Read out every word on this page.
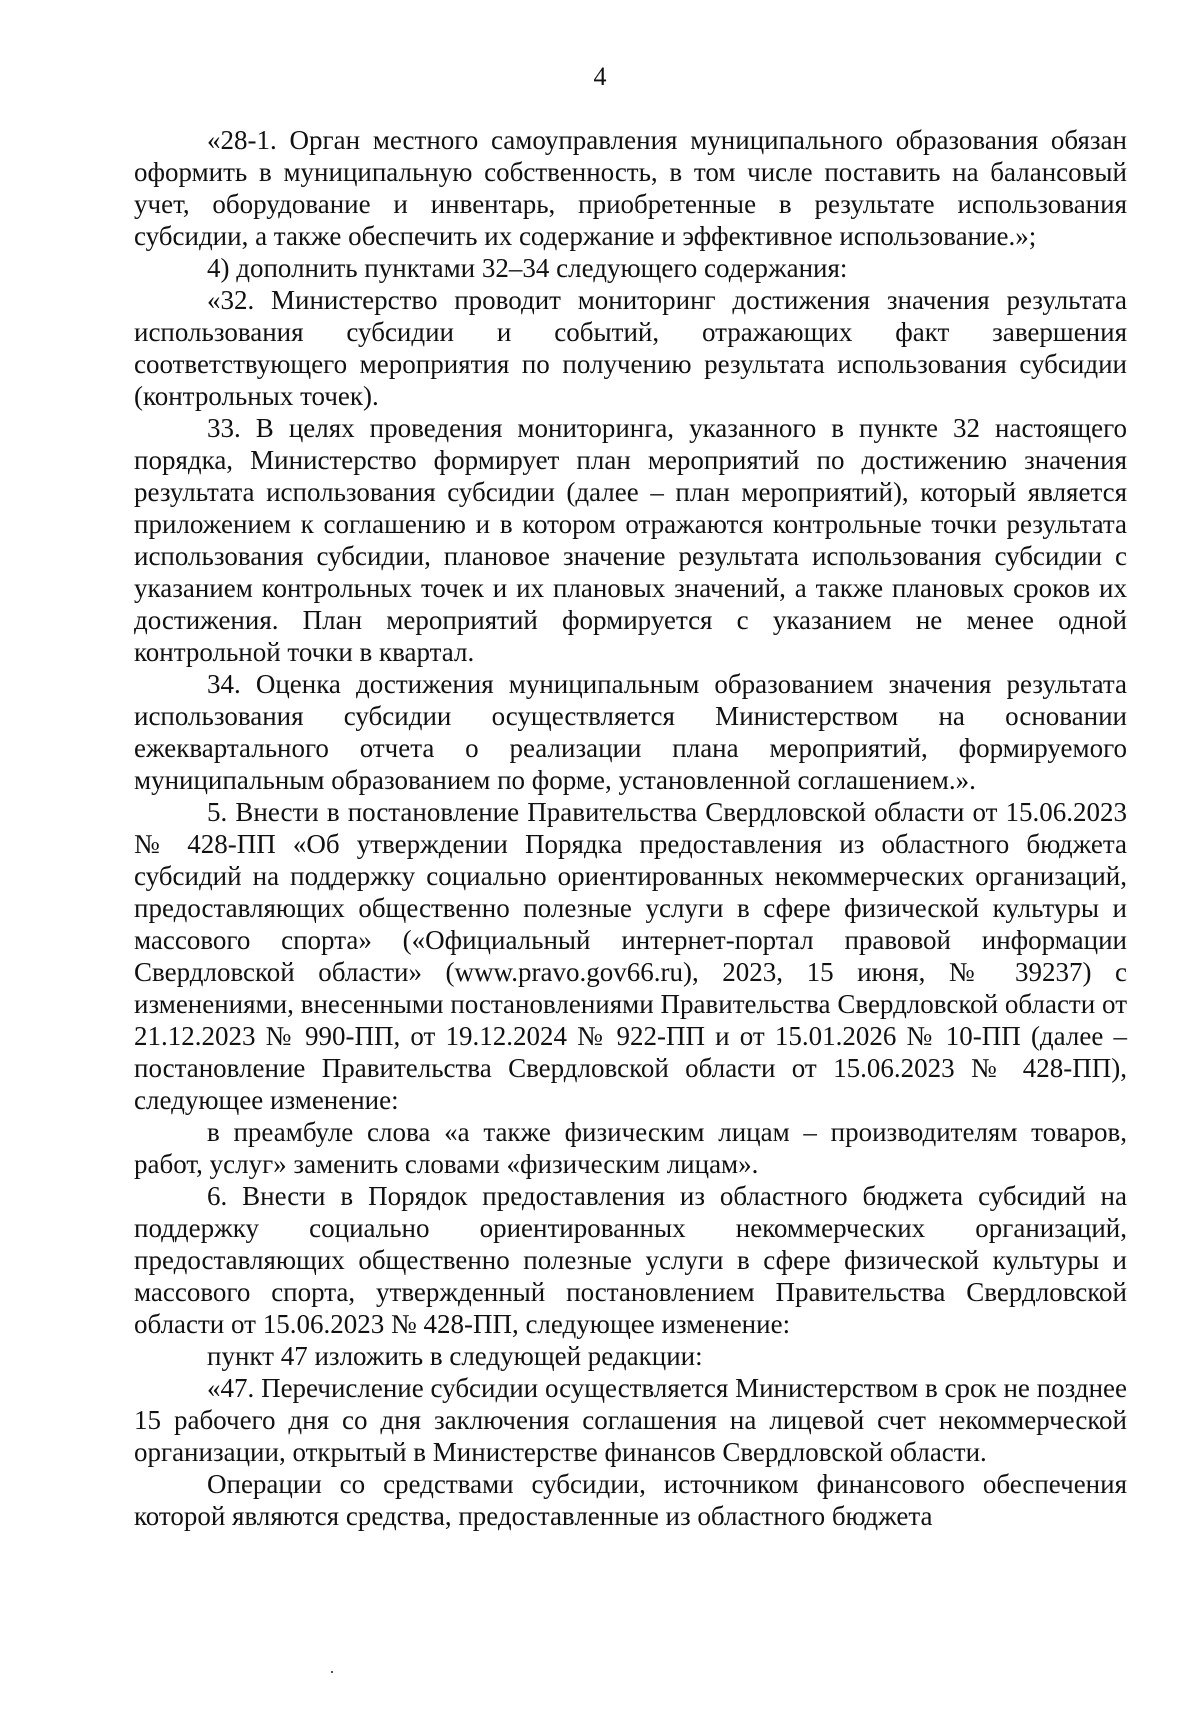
4

«28-1. Орган местного самоуправления муниципального образования обязан оформить в муниципальную собственность, в том числе поставить на балансовый учет, оборудование и инвентарь, приобретенные в результате использования субсидии, а также обеспечить их содержание и эффективное использование.»;

4) дополнить пунктами 32–34 следующего содержания:

«32. Министерство проводит мониторинг достижения значения результата использования субсидии и событий, отражающих факт завершения соответствующего мероприятия по получению результата использования субсидии (контрольных точек).

33. В целях проведения мониторинга, указанного в пункте 32 настоящего порядка, Министерство формирует план мероприятий по достижению значения результата использования субсидии (далее – план мероприятий), который является приложением к соглашению и в котором отражаются контрольные точки результата использования субсидии, плановое значение результата использования субсидии с указанием контрольных точек и их плановых значений, а также плановых сроков их достижения. План мероприятий формируется с указанием не менее одной контрольной точки в квартал.

34. Оценка достижения муниципальным образованием значения результата использования субсидии осуществляется Министерством на основании ежеквартального отчета о реализации плана мероприятий, формируемого муниципальным образованием по форме, установленной соглашением.».

5. Внести в постановление Правительства Свердловской области от 15.06.2023 № 428-ПП «Об утверждении Порядка предоставления из областного бюджета субсидий на поддержку социально ориентированных некоммерческих организаций, предоставляющих общественно полезные услуги в сфере физической культуры и массового спорта» («Официальный интернет-портал правовой информации Свердловской области» (www.pravo.gov66.ru), 2023, 15 июня, № 39237) с изменениями, внесенными постановлениями Правительства Свердловской области от 21.12.2023 № 990-ПП, от 19.12.2024 № 922-ПП и от 15.01.2026 № 10-ПП (далее – постановление Правительства Свердловской области от 15.06.2023 № 428-ПП), следующее изменение:

в преамбуле слова «а также физическим лицам – производителям товаров, работ, услуг» заменить словами «физическим лицам».

6. Внести в Порядок предоставления из областного бюджета субсидий на поддержку социально ориентированных некоммерческих организаций, предоставляющих общественно полезные услуги в сфере физической культуры и массового спорта, утвержденный постановлением Правительства Свердловской области от 15.06.2023 № 428-ПП, следующее изменение:

пункт 47 изложить в следующей редакции:

«47. Перечисление субсидии осуществляется Министерством в срок не позднее 15 рабочего дня со дня заключения соглашения на лицевой счет некоммерческой организации, открытый в Министерстве финансов Свердловской области.

Операции со средствами субсидии, источником финансового обеспечения которой являются средства, предоставленные из областного бюджета
